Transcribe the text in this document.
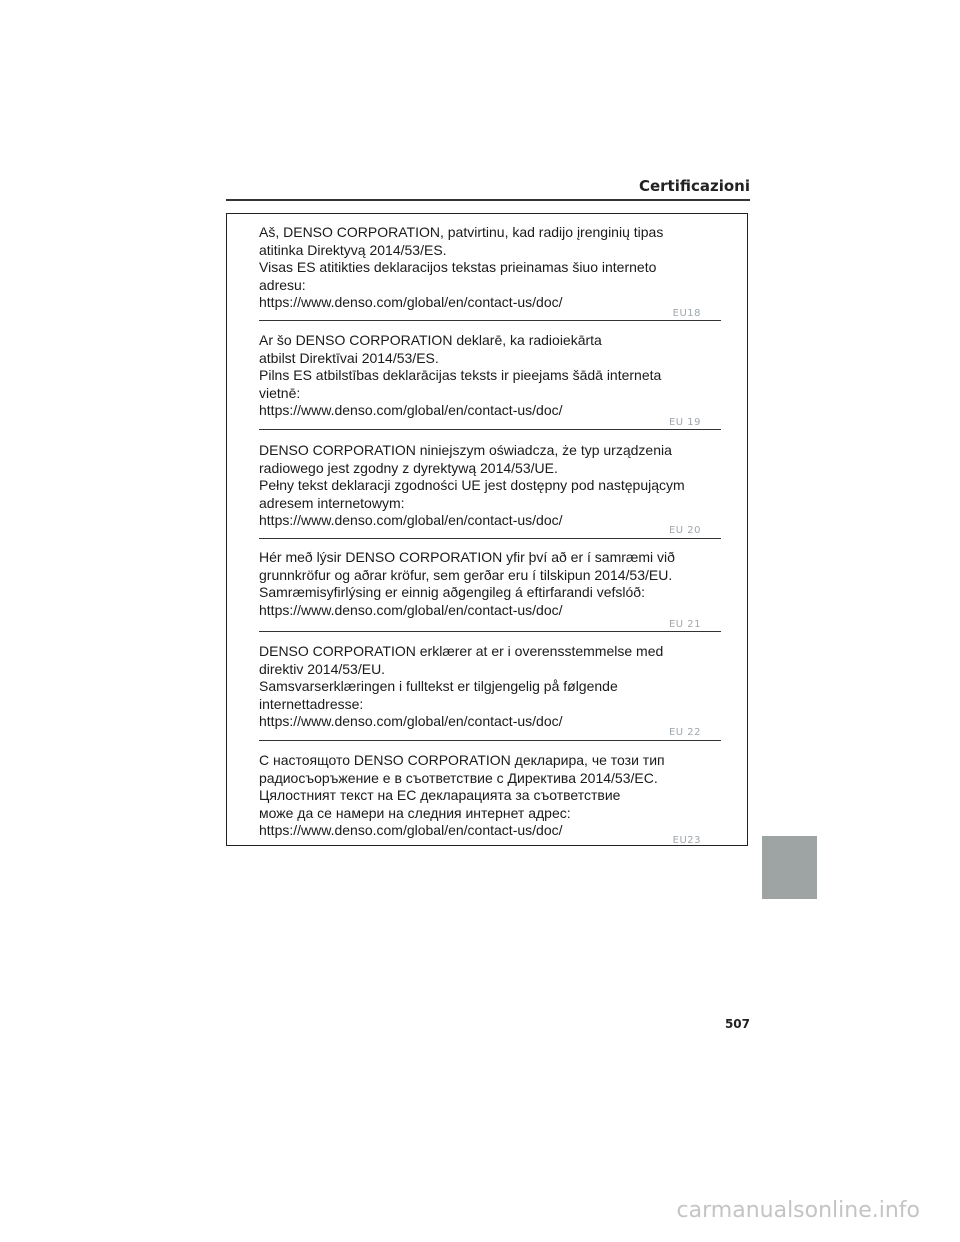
Certificazioni
Aš, DENSO CORPORATION, patvirtinu, kad radijo įrenginių tipas
atitinka Direktyvą 2014/53/ES.
Visas ES atitikties deklaracijos tekstas prieinamas šiuo interneto
adresu:
https://www.denso.com/global/en/contact-us/doc/
EU18
Ar šo DENSO CORPORATION deklarē, ka radioiekārta
atbilst Direktīvai 2014/53/ES.
Pilns ES atbilstības deklarācijas teksts ir pieejams šādā interneta
vietnē:
https://www.denso.com/global/en/contact-us/doc/
EU 19
DENSO CORPORATION niniejszym oświadcza, że typ urządzenia
radiowego jest zgodny z dyrektywą 2014/53/UE.
Pełny tekst deklaracji zgodności UE jest dostępny pod następującym
adresem internetowym:
https://www.denso.com/global/en/contact-us/doc/
EU 20
Hér með lýsir DENSO CORPORATION yfir því að er í samræmi við
grunnkröfur og aðrar kröfur, sem gerðar eru í tilskipun 2014/53/EU.
Samræmisyfirlýsing er einnig aðgengileg á eftirfarandi vefslóð:
https://www.denso.com/global/en/contact-us/doc/
EU 21
DENSO CORPORATION erklærer at er i overensstemmelse med
direktiv 2014/53/EU.
Samsvarserklæringen i fulltekst er tilgjengelig på følgende
internettadresse:
https://www.denso.com/global/en/contact-us/doc/
EU 22
С настоящото DENSO CORPORATION декларира, че този тип
радиосъоръжение е в съответствие с Директива 2014/53/ЕС.
Цялостният текст на ЕС декларацията за съответствие
може да се намери на следния интернет адрес:
https://www.denso.com/global/en/contact-us/doc/
EU23
507
carmanualsonline.info
